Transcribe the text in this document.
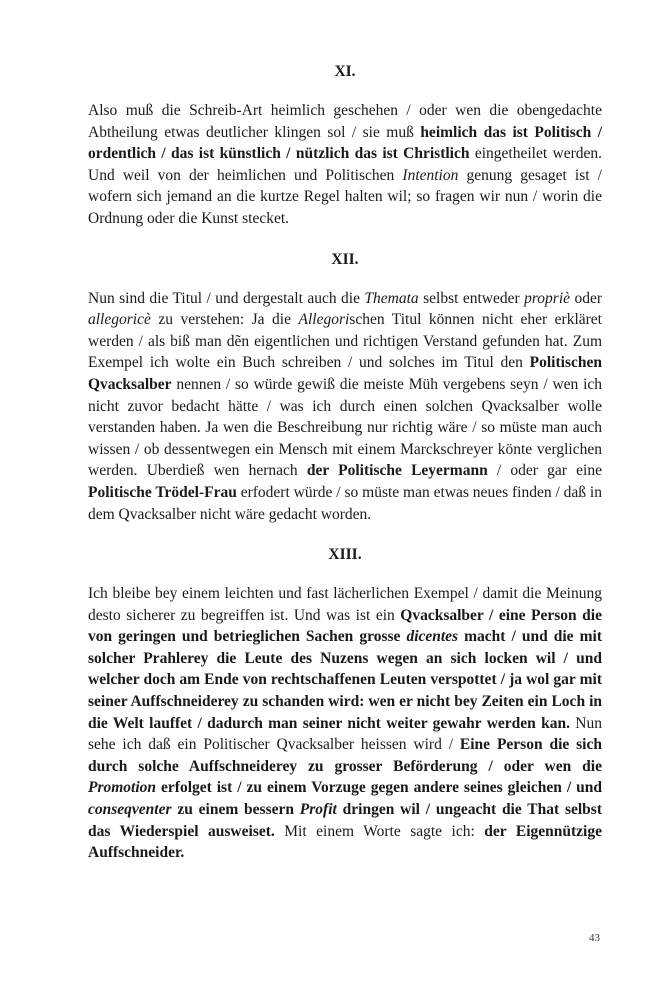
XI.

Also muß die Schreib-Art heimlich geschehen / oder wen die obengedachte Abtheilung etwas deutlicher klingen sol / sie muß heimlich das ist Politisch / ordentlich / das ist künstlich / nützlich das ist Christlich eingetheilet werden. Und weil von der heimlichen und Politischen Intention genung gesaget ist / wofern sich jemand an die kurtze Regel halten wil; so fragen wir nun / worin die Ordnung oder die Kunst stecket.

XII.

Nun sind die Titul / und dergestalt auch die Themata selbst entweder propriè oder allegoricè zu verstehen: Ja die Allegorischen Titul können nicht eher erkläret werden / als biß man dẽn eigentlichen und richtigen Verstand gefunden hat. Zum Exempel ich wolte ein Buch schreiben / und solches im Titul den Politischen Qvacksalber nennen / so würde gewiß die meiste Müh vergebens seyn / wen ich nicht zuvor bedacht hätte / was ich durch einen solchen Qvacksalber wolle verstanden haben. Ja wen die Beschreibung nur richtig wäre / so müste man auch wissen / ob dessentwegen ein Mensch mit einem Marckschreyer könte verglichen werden. Uberdieß wen hernach der Politische Leyermann / oder gar eine Politische Trödel-Frau erfodert würde / so müste man etwas neues finden / daß in dem Qvacksalber nicht wäre gedacht worden.

XIII.

Ich bleibe bey einem leichten und fast lächerlichen Exempel / damit die Meinung desto sicherer zu begreiffen ist. Und was ist ein Qvacksalber / eine Person die von geringen und betrieglichen Sachen grosse dicentes macht / und die mit solcher Prahlerey die Leute des Nuzens wegen an sich locken wil / und welcher doch am Ende von rechtschaffenen Leuten verspottet / ja wol gar mit seiner Auffschneiderey zu schanden wird: wen er nicht bey Zeiten ein Loch in die Welt lauffet / dadurch man seiner nicht weiter gewahr werden kan. Nun sehe ich daß ein Politischer Qvacksalber heissen wird / Eine Person die sich durch solche Auffschneiderey zu grosser Beförderung / oder wen die Promotion erfolget ist / zu einem Vorzuge gegen andere seines gleichen / und conseqventer zu einem bessern Profit dringen wil / ungeacht die That selbst das Wiederspiel ausweiset. Mit einem Worte sagte ich: der Eigennützige Auffschneider.

43
